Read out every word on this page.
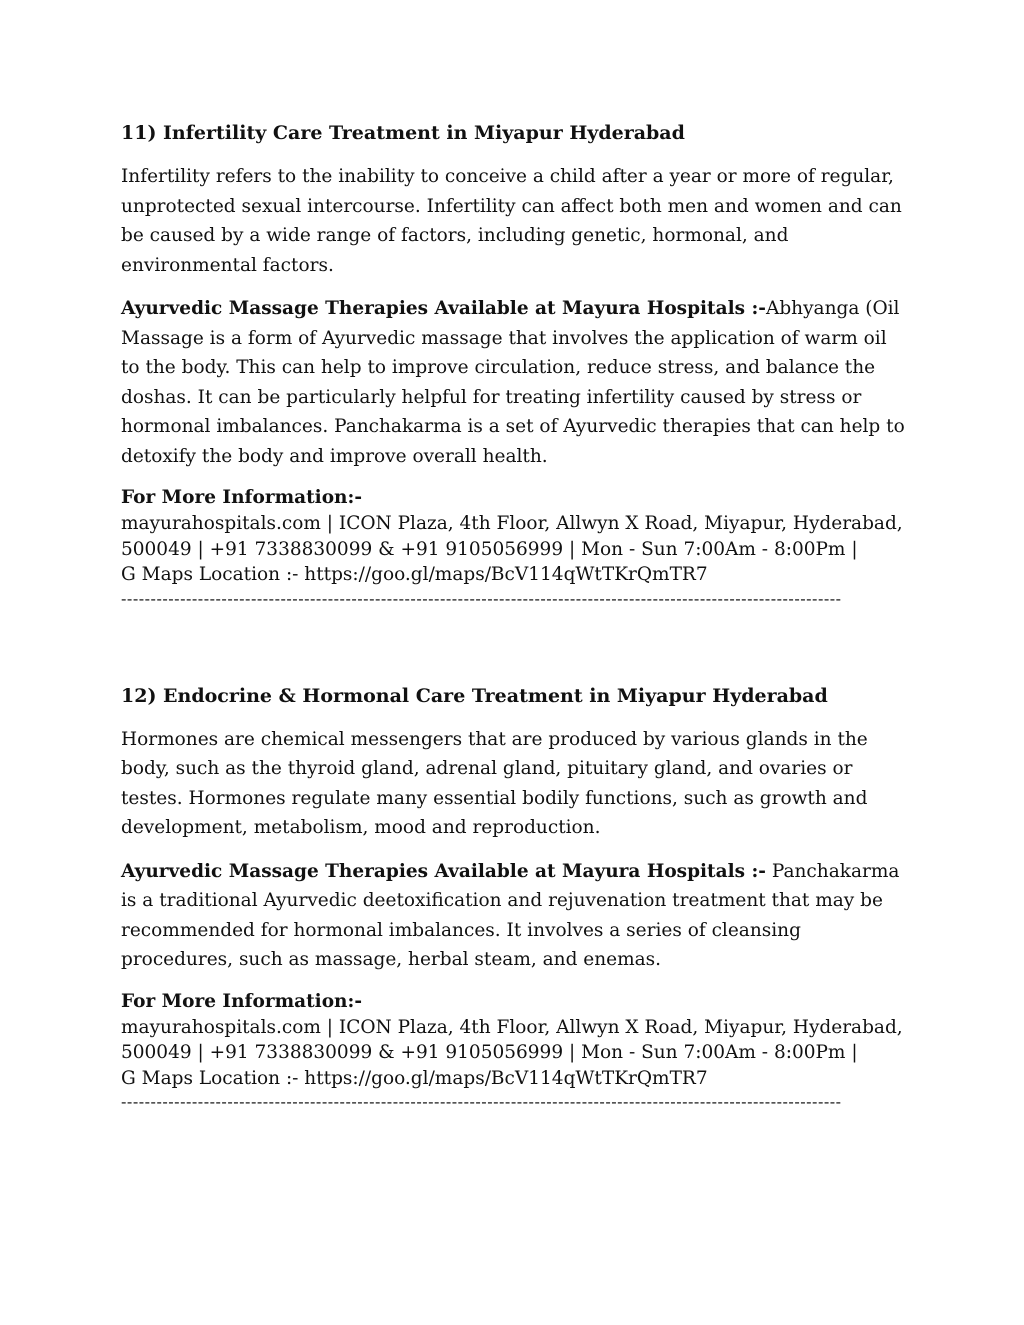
11) Infertility Care Treatment in Miyapur Hyderabad

Infertility refers to the inability to conceive a child after a year or more of regular, unprotected sexual intercourse. Infertility can affect both men and women and can be caused by a wide range of factors, including genetic, hormonal, and environmental factors.

Ayurvedic Massage Therapies Available at Mayura Hospitals :-Abhyanga (Oil Massage is a form of Ayurvedic massage that involves the application of warm oil to the body. This can help to improve circulation, reduce stress, and balance the doshas. It can be particularly helpful for treating infertility caused by stress or hormonal imbalances. Panchakarma is a set of Ayurvedic therapies that can help to detoxify the body and improve overall health.

For More Information:-

mayurahospitals.com | ICON Plaza, 4th Floor, Allwyn X Road, Miyapur, Hyderabad,

500049 | +91 7338830099 & +91 9105056999 | Mon - Sun 7:00Am - 8:00Pm |

G Maps Location :- https://goo.gl/maps/BcV114qWtTKrQmTR7

--------------------------------------------------------------------------------------------------------------------------

12) Endocrine & Hormonal Care Treatment in Miyapur Hyderabad

Hormones are chemical messengers that are produced by various glands in the body, such as the thyroid gland, adrenal gland, pituitary gland, and ovaries or testes. Hormones regulate many essential bodily functions, such as growth and development, metabolism, mood and reproduction.

Ayurvedic Massage Therapies Available at Mayura Hospitals :- Panchakarma is a traditional Ayurvedic deetoxification and rejuvenation treatment that may be recommended for hormonal imbalances. It involves a series of cleansing procedures, such as massage, herbal steam, and enemas.

For More Information:-

mayurahospitals.com | ICON Plaza, 4th Floor, Allwyn X Road, Miyapur, Hyderabad,

500049 | +91 7338830099 & +91 9105056999 | Mon - Sun 7:00Am - 8:00Pm |

G Maps Location :- https://goo.gl/maps/BcV114qWtTKrQmTR7

--------------------------------------------------------------------------------------------------------------------------
